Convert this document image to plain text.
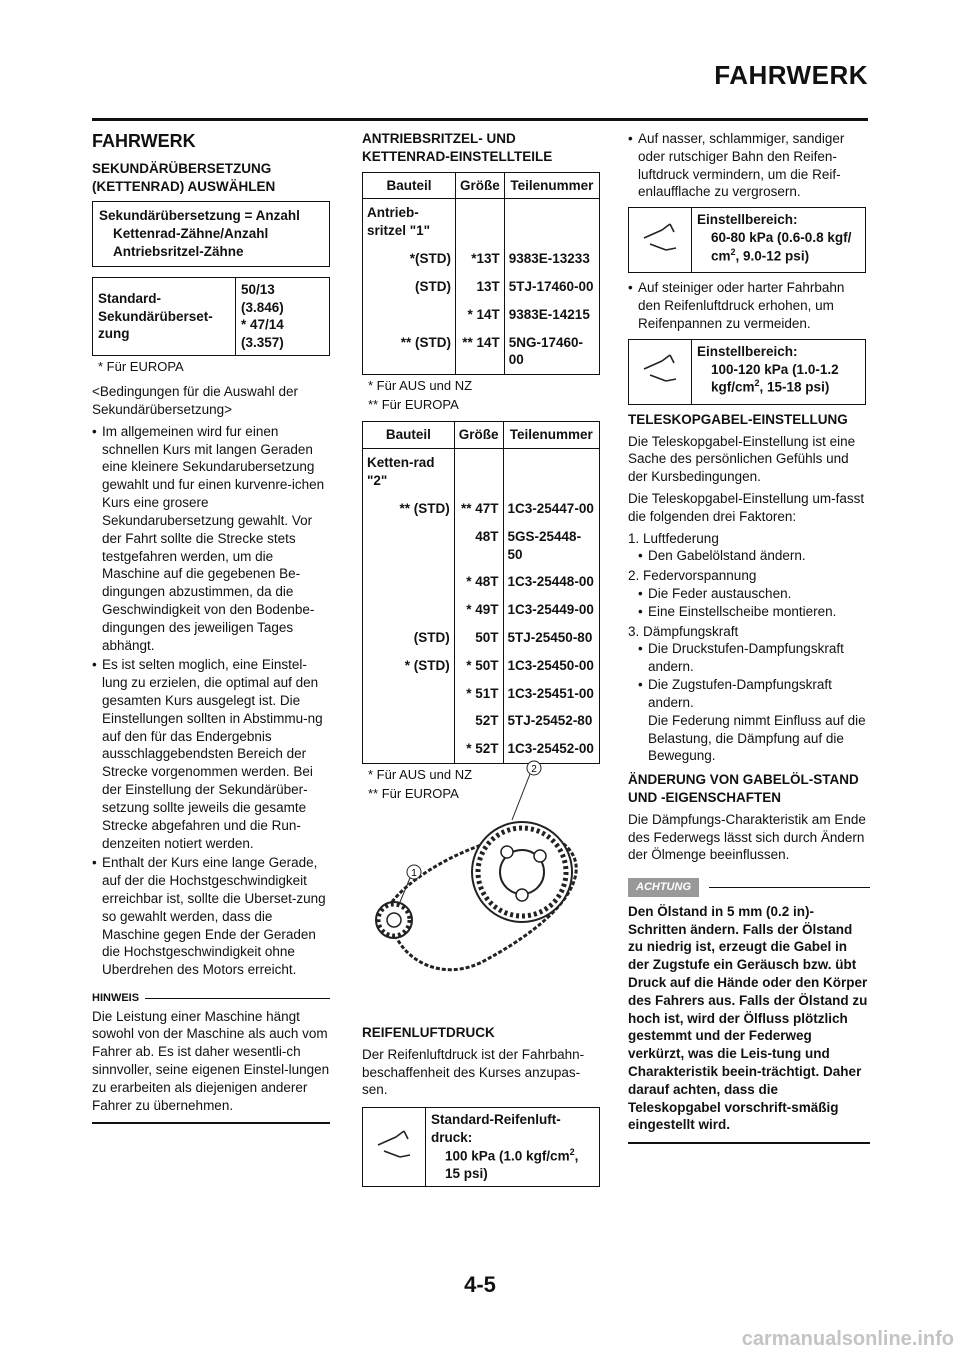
FAHRWERK
FAHRWERK
SEKUNDÄRÜBERSETZUNG (KETTENRAD) AUSWÄHLEN
Sekundärübersetzung = Anzahl

Kettenrad-Zähne/Anzahl
Antriebsritzel-Zähne
Standard-Sekundärüberset-zung	50/13
(3.846)
* 47/14
(3.357)
* Für EUROPA

<Bedingungen für die Auswahl der Sekundärübersetzung>

• Im allgemeinen wird fur einen schnellen Kurs mit langen Geraden eine kleinere Sekundarubersetzung gewahlt und fur einen kurvenre-ichen Kurs eine grosere Sekundarubersetzung gewahlt. Vor der Fahrt sollte die Strecke stets testgefahren werden, um die Maschine auf die gegebenen Be-dingungen abzustimmen, da die Geschwindigkeit von den Bodenbe-dingungen des jeweiligen Tages abhängt.
• Es ist selten moglich, eine Einstel-lung zu erzielen, die optimal auf den gesamten Kurs ausgelegt ist. Die Einstellungen sollten in Abstimmu-ng auf den für das Endergebnis ausschlaggebendsten Bereich der Strecke vorgenommen werden. Bei der Einstellung der Sekundärüber-setzung sollte jeweils die gesamte Strecke abgefahren und die Run-denzeiten notiert werden.
• Enthalt der Kurs eine lange Gerade, auf der die Hochstgeschwindigkeit erreichbar ist, sollte die Uberset-zung so gewahlt werden, dass die Maschine gegen Ende der Geraden die Hochstgeschwindigkeit ohne Uberdrehen des Motors erreicht.
HINWEIS

Die Leistung einer Maschine hängt sowohl von der Maschine als auch vom Fahrer ab. Es ist daher wesentli-ch sinnvoller, seine eigenen Einstel-lungen zu erarbeiten als diejenigen anderer Fahrer zu übernehmen.

ANTRIEBSRITZEL- UND KETTENRAD-EINSTELLTEILE
Bauteil	Größe	Teilenummer
Antrieb-sritzel "1"		
*(STD)	*13T	9383E-13233
(STD)	13T	5TJ-17460-00
	* 14T	9383E-14215
** (STD)	** 14T	5NG-17460-00
* Für AUS und NZ
** Für EUROPA
Bauteil	Größe	Teilenummer
Ketten-rad "2"		
** (STD)	** 47T	1C3-25447-00
	48T	5GS-25448-50
	* 48T	1C3-25448-00
	* 49T	1C3-25449-00
(STD)	50T	5TJ-25450-80
* (STD)	* 50T	1C3-25450-00
	* 51T	1C3-25451-00
	52T	5TJ-25452-80
	* 52T	1C3-25452-00
* Für AUS und NZ
** Für EUROPA
2
1
REIFENLUFTDRUCK

Der Reifenluftdruck ist der Fahrbahn-beschaffenheit des Kurses anzupas-sen.

	Standard-Reifenluft-druck:

100 kPa (1.0 kgf/$cm^2$, 15 psi)
• Auf nasser, schlammiger, sandiger oder rutschiger Bahn den Reifen-luftdruck vermindern, um die Reif-enlaufflache zu vergrosern.
	Einstellbereich:

60-80 kPa (0.6-0.8 kgf/ $cm^2$, 9.0-12 psi)
• Auf steiniger oder harter Fahrbahn den Reifenluftdruck erhohen, um Reifenpannen zu vermeiden.
	Einstellbereich:

100-120 kPa (1.0-1.2 kgf/$cm^2$, 15-18 psi)
TELESKOPGABEL-EINSTELLUNG

Die Teleskopgabel-Einstellung ist eine Sache des persönlichen Gefühls und der Kursbedingungen.

Die Teleskopgabel-Einstellung um-fasst die folgenden drei Faktoren:

1. Luftfederung
• Den Gabelölstand ändern.
2. Federvorspannung
• Die Feder austauschen.
• Eine Einstellscheibe montieren.
3. Dämpfungskraft
• Die Druckstufen-Dampfungskraft andern.
• Die Zugstufen-Dampfungskraft andern.

Die Federung nimmt Einfluss auf die Belastung, die Dämpfung auf die Bewegung.

ÄNDERUNG VON GABELÖL-STAND UND -EIGENSCHAFTEN

Die Dämpfungs-Charakteristik am Ende des Federwegs lässt sich durch Ändern der Ölmenge beeinflussen.

ACHTUNG

Den Ölstand in 5 mm (0.2 in)-Schritten ändern. Falls der Ölstand zu niedrig ist, erzeugt die Gabel in der Zugstufe ein Geräusch bzw. übt Druck auf die Hände oder den Körper des Fahrers aus. Falls der Ölstand zu hoch ist, wird der Ölfluss plötzlich gestemmt und der Federweg verkürzt, was die Leis-tung und Charakteristik beein-trächtigt. Daher darauf achten, dass die Teleskopgabel vorschrift-smäßig eingestellt wird.

4-5
carmanualsonline.info
